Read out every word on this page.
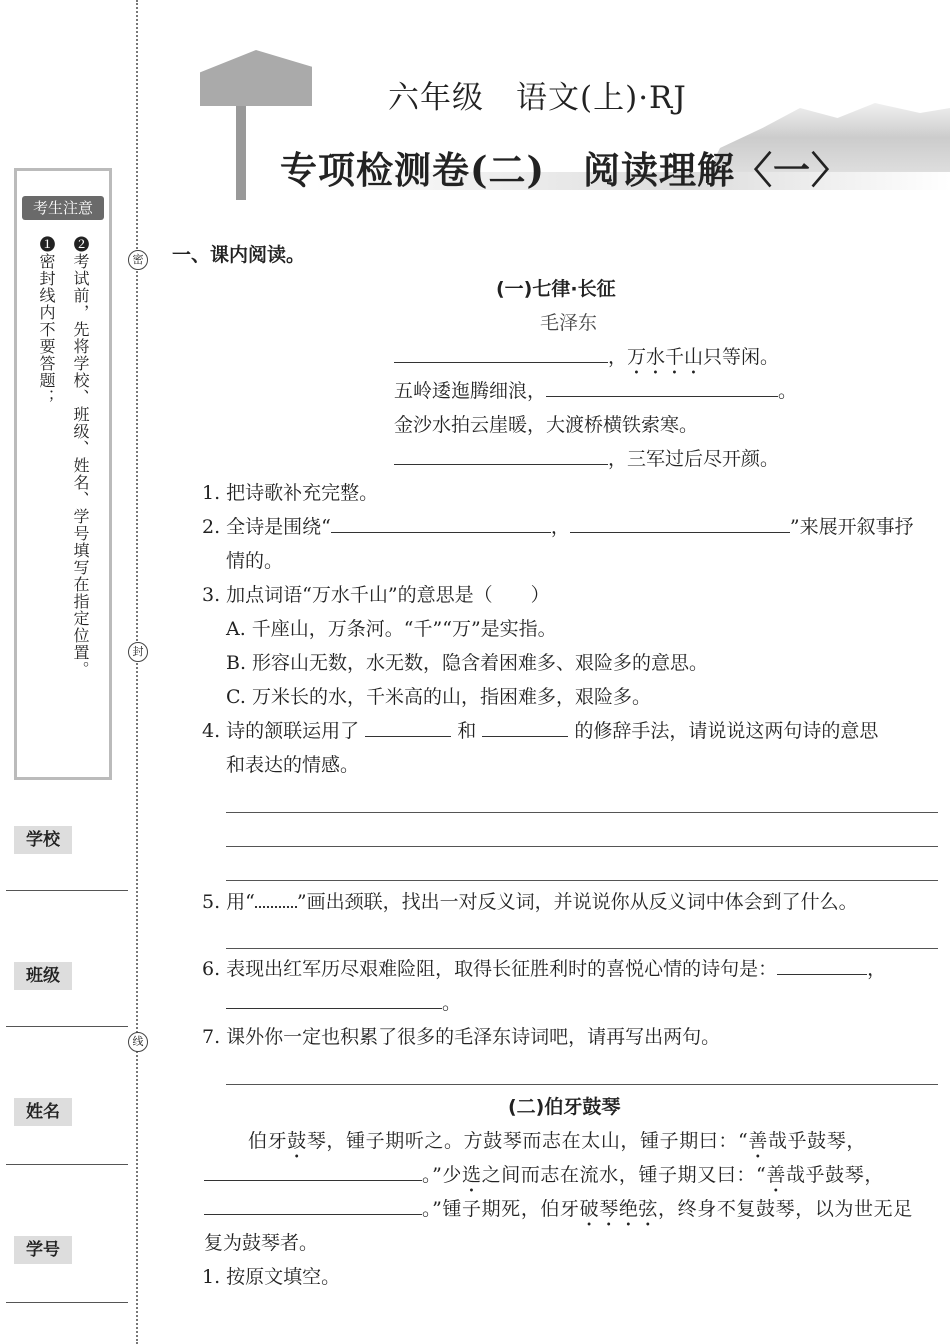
考生注意
❷考试前，先将学校、班级、姓名、学号填写在指定位置。
❶密封线内不要答题；
学校
班级
姓名
学号
密
封
线
六年级　语文(上)·RJ
专项检测卷(二)　阅读理解〈一〉
一、课内阅读。
(一)七律·长征
毛泽东
，万水千山只等闲。
五岭逶迤腾细浪，	。
金沙水拍云崖暖，大渡桥横铁索寒。
，三军过后尽开颜。
1. 把诗歌补充完整。
2. 全诗是围绕“	，	”来展开叙事抒
情的。
3. 加点词语“万水千山”的意思是（　　）
A. 千座山，万条河。“千”“万”是实指。
B. 形容山无数，水无数，隐含着困难多、艰险多的意思。
C. 万米长的水，千米高的山，指困难多，艰险多。
4. 诗的颔联运用了	和	的修辞手法，请说说这两句诗的意思
和表达的情感。
5. 用“ ”画出颈联，找出一对反义词，并说说你从反义词中体会到了什么。
6. 表现出红军历尽艰难险阻，取得长征胜利时的喜悦心情的诗句是：	，
。
7. 课外你一定也积累了很多的毛泽东诗词吧，请再写出两句。
(二)伯牙鼓琴
伯牙鼓琴，锺子期听之。方鼓琴而志在太山，锺子期曰：“善哉乎鼓琴，
。”少选之间而志在流水，锺子期又曰：“善哉乎鼓琴，
。”锺子期死，伯牙破琴绝弦，终身不复鼓琴，以为世无足
复为鼓琴者。
1. 按原文填空。
